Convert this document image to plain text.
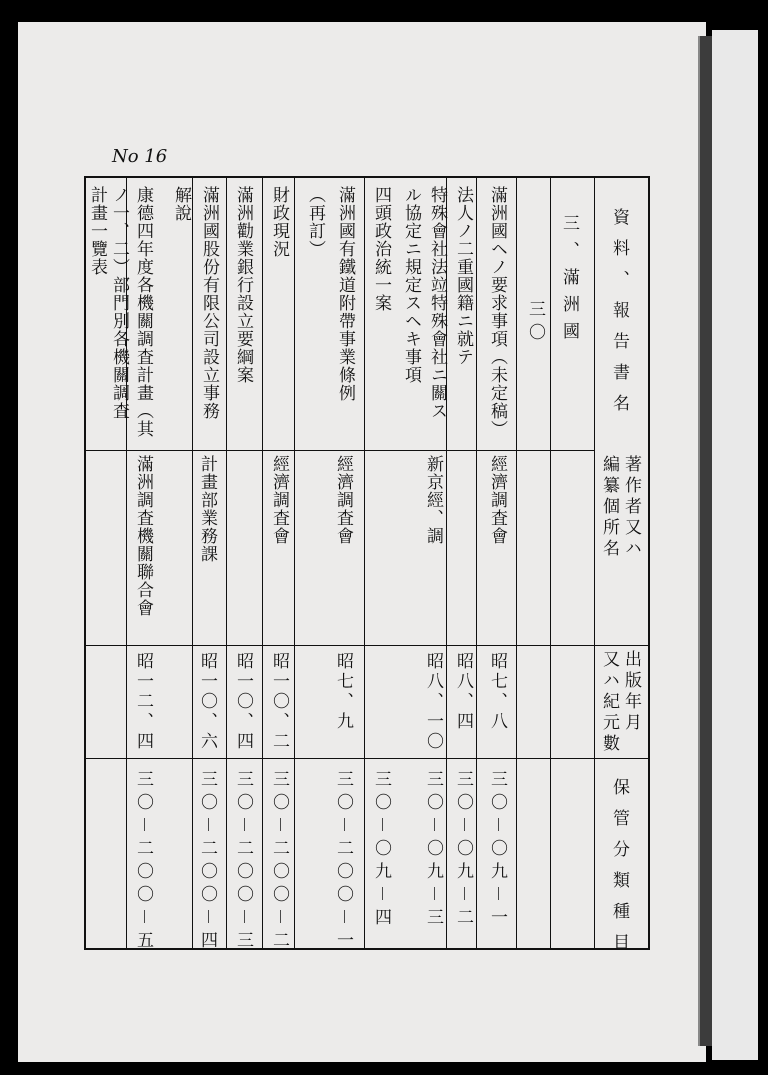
No 16
資料、報告書名
著作者又ハ
編纂個所名
出版年月
又ハ紀元數
保管分類種目
三、滿洲國
三〇
滿洲國ヘノ要求事項（未定稿）
法人ノ二重國籍ニ就テ
特殊會社法竝特殊會社ニ關ス
ル協定ニ規定スヘキ事項
四頭政治統一案
滿洲國有鐵道附帶事業條例
（再訂）
財政現況
滿洲勸業銀行設立要綱案
滿洲國股份有限公司設立事務
解說
康德四年度各機關調査計畫（其
ノ一、二）部門別各機關調査
計畫一覽表
經濟調査會
新京經、調
經濟調査會
經濟調査會
計畫部業務課
滿洲調査機關聯合會
昭七、八
昭八、四
昭八、一〇
昭七、九
昭一〇、二
昭一〇、四
昭一〇、六
昭一二、四
三〇－〇九－一
三〇－〇九－二
三〇－〇九－三
三〇－〇九－四
三〇－二〇〇－一
三〇－二〇〇－二
三〇－二〇〇－三
三〇－二〇〇－四
三〇－二〇〇－五
